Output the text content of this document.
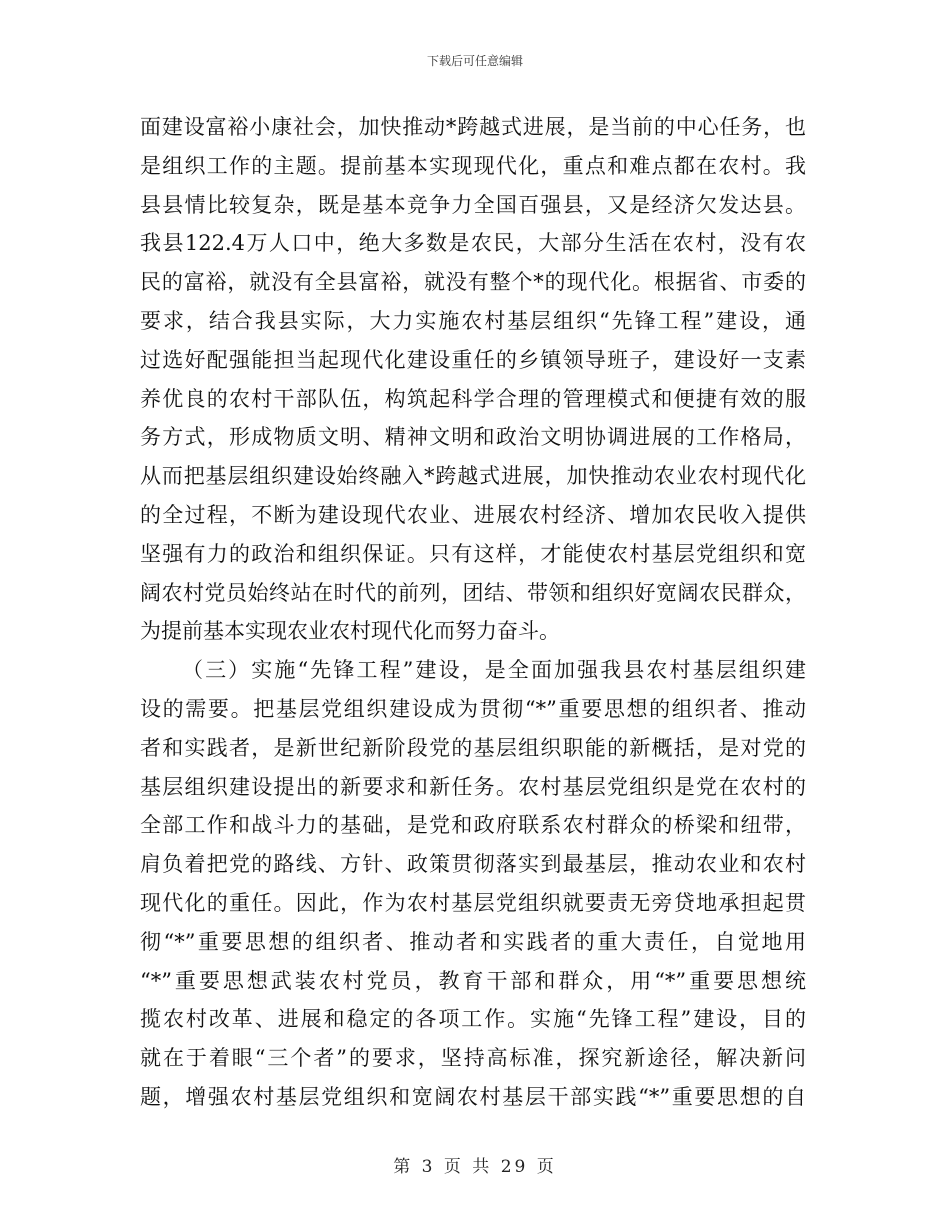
下载后可任意编辑
面建设富裕小康社会，加快推动*跨越式进展，是当前的中心任务，也
是组织工作的主题。提前基本实现现代化，重点和难点都在农村。我
县县情比较复杂，既是基本竞争力全国百强县，又是经济欠发达县。
我县122.4万人口中，绝大多数是农民，大部分生活在农村，没有农
民的富裕，就没有全县富裕，就没有整个*的现代化。根据省、市委的
要求，结合我县实际，大力实施农村基层组织“先锋工程”建设，通
过选好配强能担当起现代化建设重任的乡镇领导班子，建设好一支素
养优良的农村干部队伍，构筑起科学合理的管理模式和便捷有效的服
务方式，形成物质文明、精神文明和政治文明协调进展的工作格局，
从而把基层组织建设始终融入*跨越式进展，加快推动农业农村现代化
的全过程，不断为建设现代农业、进展农村经济、增加农民收入提供
坚强有力的政治和组织保证。只有这样，才能使农村基层党组织和宽
阔农村党员始终站在时代的前列，团结、带领和组织好宽阔农民群众，
为提前基本实现农业农村现代化而努力奋斗。
（三）实施“先锋工程”建设，是全面加强我县农村基层组织建
设的需要。把基层党组织建设成为贯彻“*”重要思想的组织者、推动
者和实践者，是新世纪新阶段党的基层组织职能的新概括，是对党的
基层组织建设提出的新要求和新任务。农村基层党组织是党在农村的
全部工作和战斗力的基础，是党和政府联系农村群众的桥梁和纽带，
肩负着把党的路线、方针、政策贯彻落实到最基层，推动农业和农村
现代化的重任。因此，作为农村基层党组织就要责无旁贷地承担起贯
彻“*”重要思想的组织者、推动者和实践者的重大责任，自觉地用
“*”重要思想武装农村党员，教育干部和群众，用“*”重要思想统
揽农村改革、进展和稳定的各项工作。实施“先锋工程”建设，目的
就在于着眼“三个者”的要求，坚持高标准，探究新途径，解决新问
题，增强农村基层党组织和宽阔农村基层干部实践“*”重要思想的自
第 3 页 共 29 页
